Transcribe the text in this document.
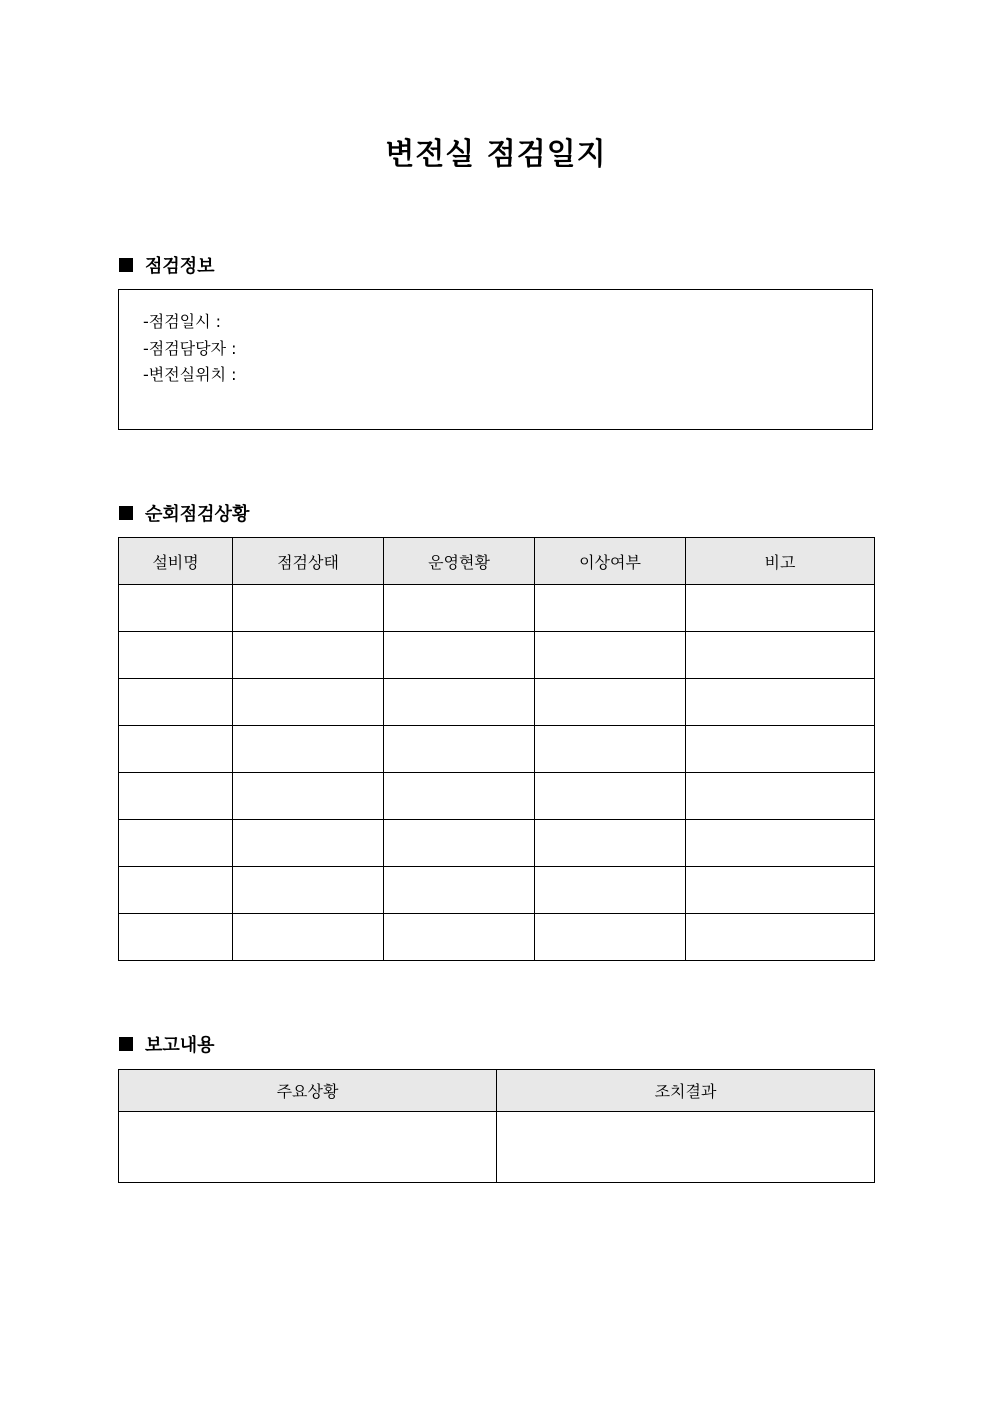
변전실 점검일지
점검정보
-점검일시 :
-점검담당자 :
-변전실위치 :
순회점검상황
설비명	점검상태	운영현황	이상여부	비고

보고내용
주요상황	조치결과
